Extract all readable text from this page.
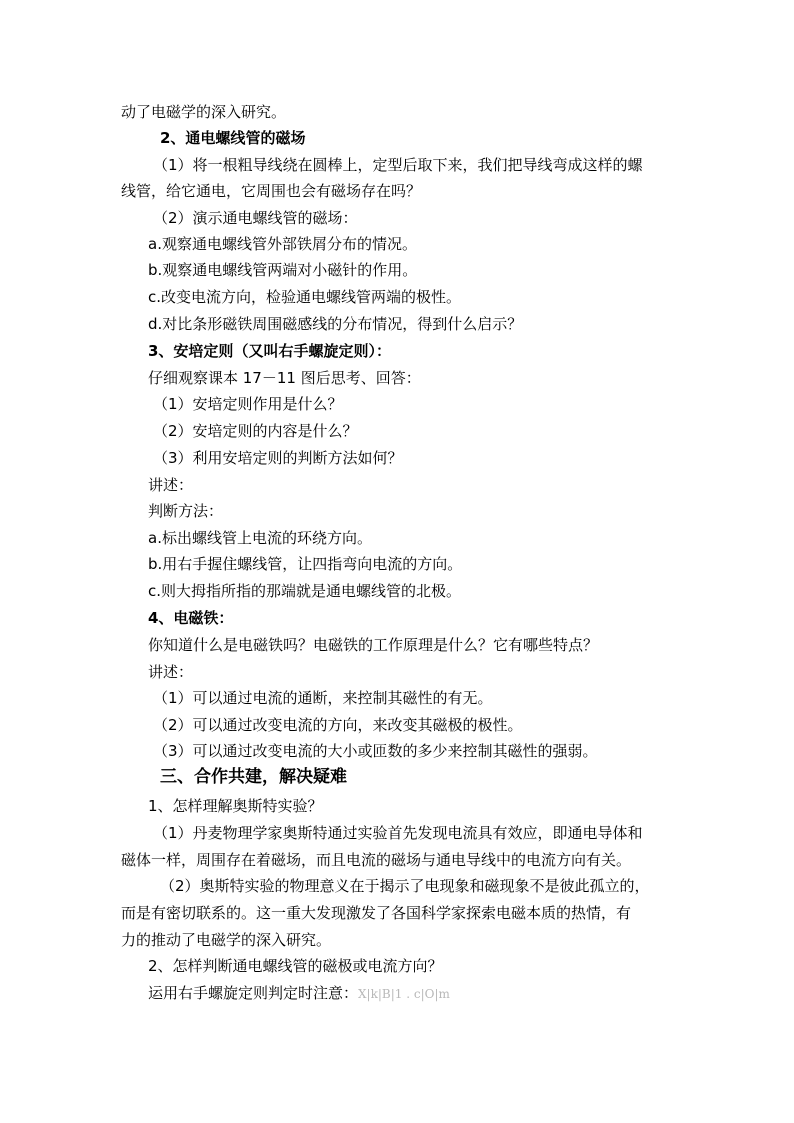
动了电磁学的深入研究。
2、通电螺线管的磁场
（1）将一根粗导线绕在圆棒上，定型后取下来，我们把导线弯成这样的螺
线管，给它通电，它周围也会有磁场存在吗？
（2）演示通电螺线管的磁场：
a.观察通电螺线管外部铁屑分布的情况。
b.观察通电螺线管两端对小磁针的作用。
c.改变电流方向，检验通电螺线管两端的极性。
d.对比条形磁铁周围磁感线的分布情况，得到什么启示？
3、安培定则（又叫右手螺旋定则）：
仔细观察课本 17－11 图后思考、回答：
（1）安培定则作用是什么？
（2）安培定则的内容是什么？
（3）利用安培定则的判断方法如何？
讲述：
判断方法：
a.标出螺线管上电流的环绕方向。
b.用右手握住螺线管，让四指弯向电流的方向。
c.则大拇指所指的那端就是通电螺线管的北极。
4、电磁铁：
你知道什么是电磁铁吗？电磁铁的工作原理是什么？它有哪些特点？
讲述：
（1）可以通过电流的通断，来控制其磁性的有无。
（2）可以通过改变电流的方向，来改变其磁极的极性。
（3）可以通过改变电流的大小或匝数的多少来控制其磁性的强弱。
三、合作共建，解决疑难
1、怎样理解奥斯特实验？
（1）丹麦物理学家奥斯特通过实验首先发现电流具有效应，即通电导体和
磁体一样，周围存在着磁场，而且电流的磁场与通电导线中的电流方向有关。
（2）奥斯特实验的物理意义在于揭示了电现象和磁现象不是彼此孤立的，
而是有密切联系的。这一重大发现激发了各国科学家探索电磁本质的热情，有
力的推动了电磁学的深入研究。
2、怎样判断通电螺线管的磁极或电流方向？
运用右手螺旋定则判定时注意：X|k|B|1 . c|O|m
